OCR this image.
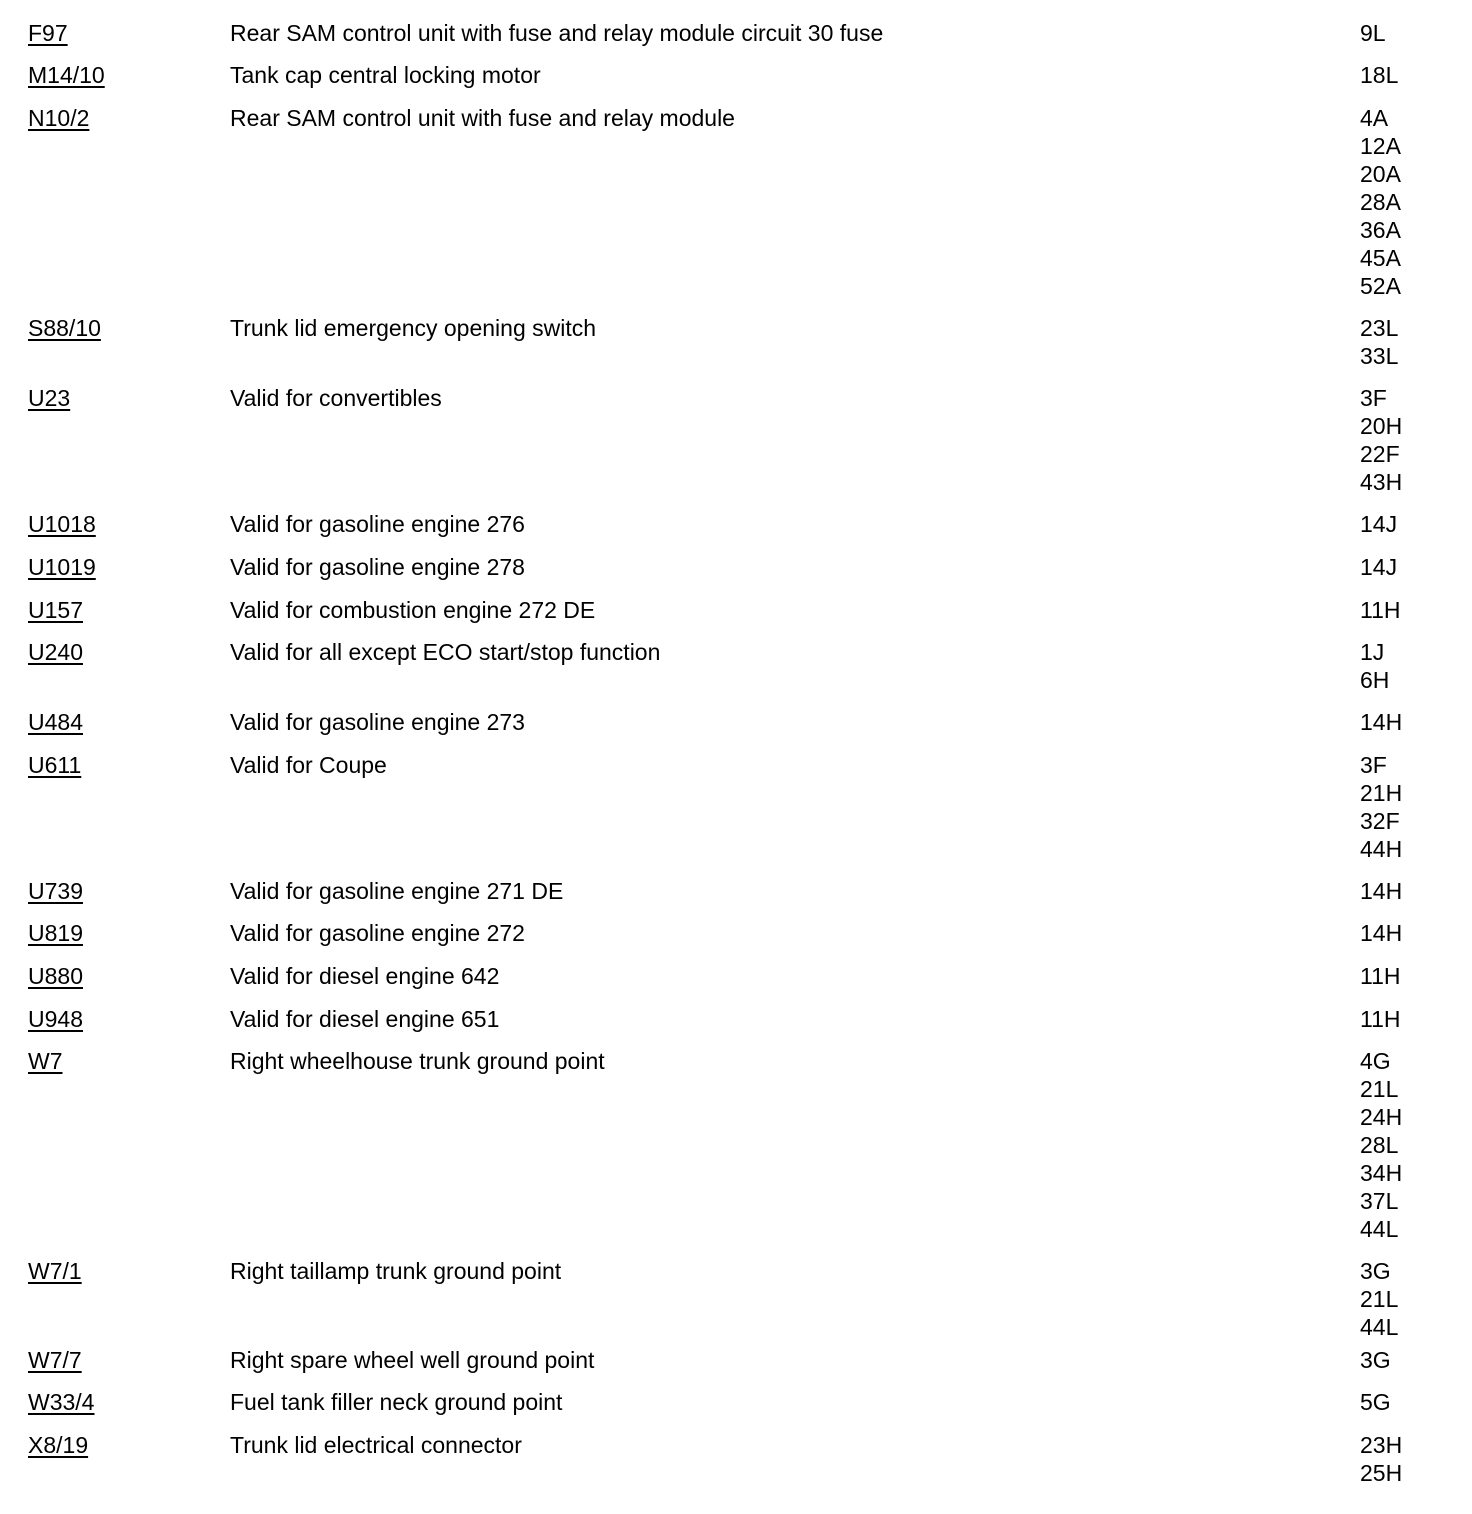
F97	Rear SAM control unit with fuse and relay module circuit 30 fuse	9L
M14/10	Tank cap central locking motor	18L
N10/2	Rear SAM control unit with fuse and relay module	4A
12A
20A
28A
36A
45A
52A
S88/10	Trunk lid emergency opening switch	23L
33L
U23	Valid for convertibles	3F
20H
22F
43H
U1018	Valid for gasoline engine 276	14J
U1019	Valid for gasoline engine 278	14J
U157	Valid for combustion engine 272 DE	11H
U240	Valid for all except ECO start/stop function	1J
6H
U484	Valid for gasoline engine 273	14H
U611	Valid for Coupe	3F
21H
32F
44H
U739	Valid for gasoline engine 271 DE	14H
U819	Valid for gasoline engine 272	14H
U880	Valid for diesel engine 642	11H
U948	Valid for diesel engine 651	11H
W7	Right wheelhouse trunk ground point	4G
21L
24H
28L
34H
37L
44L
W7/1	Right taillamp trunk ground point	3G
21L
44L
W7/7	Right spare wheel well ground point	3G
W33/4	Fuel tank filler neck ground point	5G
X8/19	Trunk lid electrical connector	23H
25H
